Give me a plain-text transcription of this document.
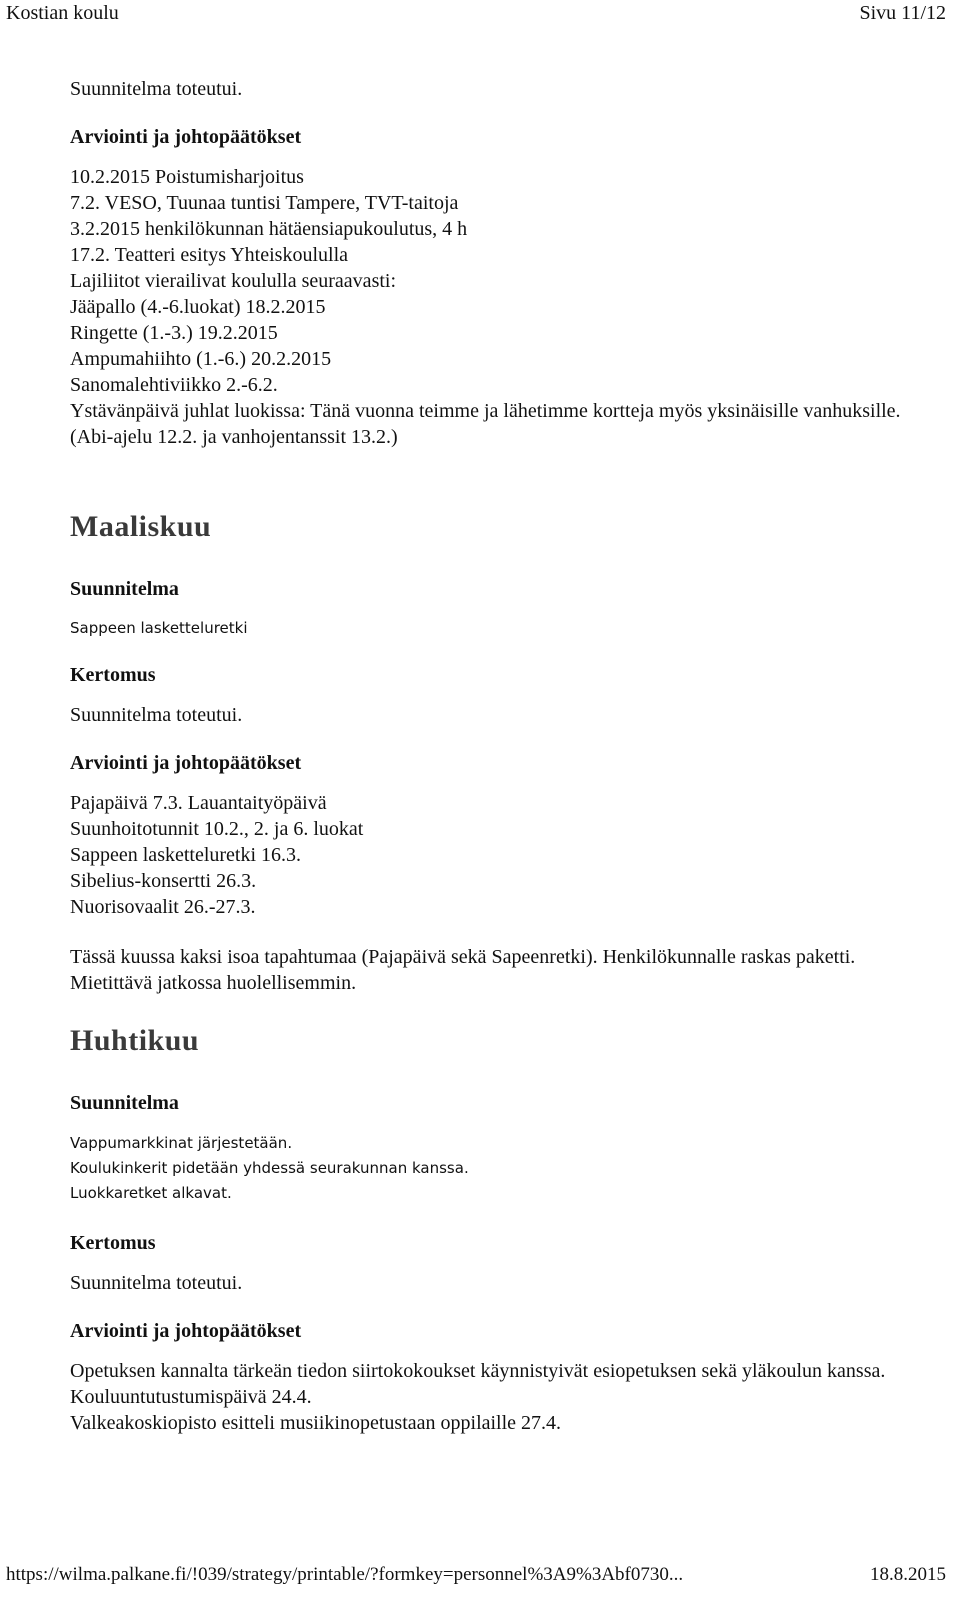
Kostian koulu	Sivu 11/12
Suunnitelma toteutui.
Arviointi ja johtopäätökset
10.2.2015 Poistumisharjoitus
7.2. VESO, Tuunaa tuntisi Tampere, TVT-taitoja
3.2.2015 henkilökunnan hätäensiapukoulutus, 4 h
17.2. Teatteri esitys Yhteiskoululla
Lajiliitot vierailivat koululla seuraavasti:
Jääpallo (4.-6.luokat) 18.2.2015
Ringette (1.-3.) 19.2.2015
Ampumahiihto (1.-6.) 20.2.2015
Sanomalehtiviikko 2.-6.2.
Ystävänpäivä juhlat luokissa: Tänä vuonna teimme ja lähetimme kortteja myös yksinäisille vanhuksille.
(Abi-ajelu 12.2. ja vanhojentanssit 13.2.)
Maaliskuu
Suunnitelma
Sappeen lasketteluretki
Kertomus
Suunnitelma toteutui.
Arviointi ja johtopäätökset
Pajapäivä 7.3. Lauantaityöpäivä
Suunhoitotunnit 10.2., 2. ja 6. luokat
Sappeen lasketteluretki 16.3.
Sibelius-konsertti 26.3.
Nuorisovaalit 26.-27.3.
Tässä kuussa kaksi isoa tapahtumaa (Pajapäivä sekä Sapeenretki). Henkilökunnalle raskas paketti. Mietittävä jatkossa huolellisemmin.
Huhtikuu
Suunnitelma
Vappumarkkinat järjestetään.
Koulukinkerit pidetään yhdessä seurakunnan kanssa.
Luokkaretket alkavat.
Kertomus
Suunnitelma toteutui.
Arviointi ja johtopäätökset
Opetuksen kannalta tärkeän tiedon siirtokokoukset käynnistyivät esiopetuksen sekä yläkoulun kanssa.
Kouluuntutustumispäivä 24.4.
Valkeakoskiopisto esitteli musiikinopetustaan oppilaille 27.4.
https://wilma.palkane.fi/!039/strategy/printable/?formkey=personnel%3A9%3Abf0730...	18.8.2015
